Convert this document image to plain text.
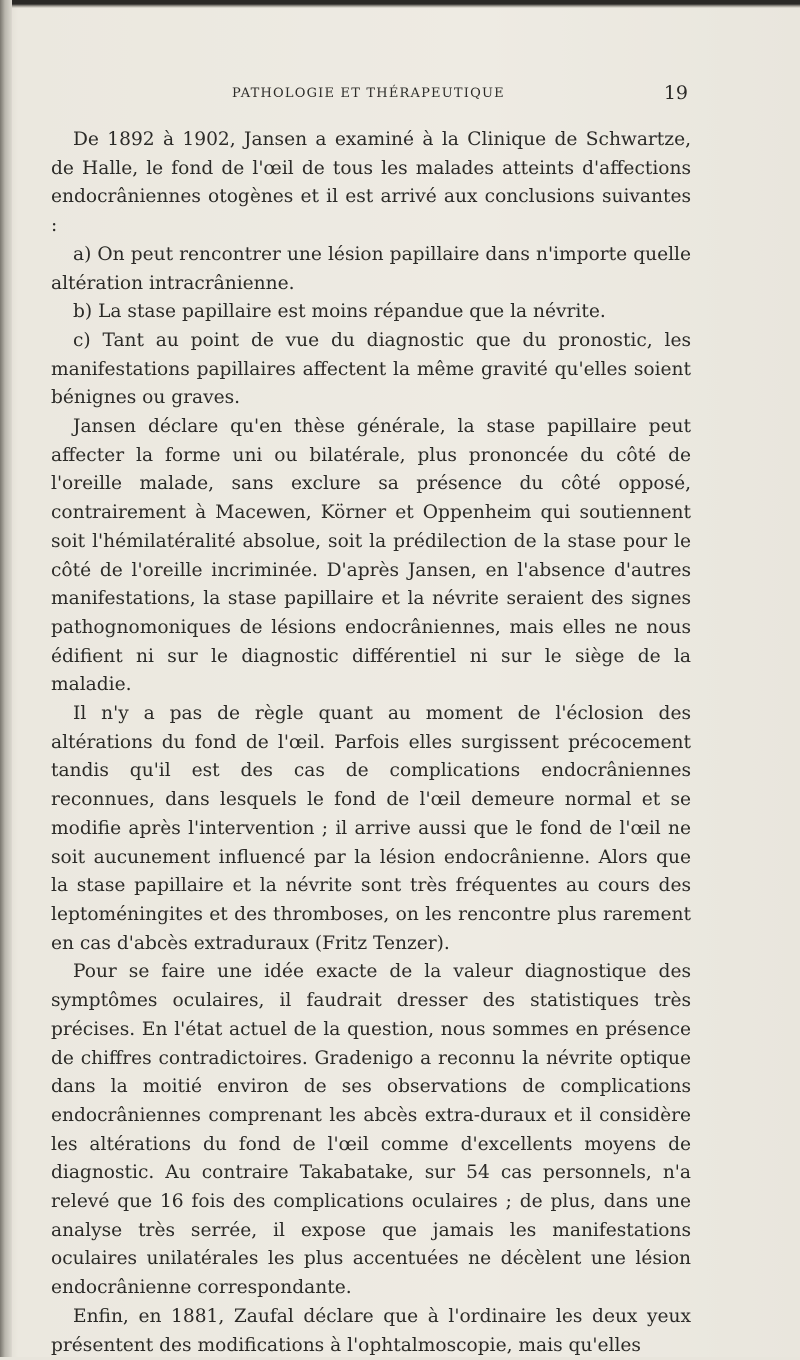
PATHOLOGIE ET THÉRAPEUTIQUE	19

De 1892 à 1902, Jansen a examiné à la Clinique de Schwartze, de Halle, le fond de l'œil de tous les malades atteints d'affections endocrâniennes otogènes et il est arrivé aux conclusions suivantes :

a) On peut rencontrer une lésion papillaire dans n'importe quelle altération intracrânienne.

b) La stase papillaire est moins répandue que la névrite.

c) Tant au point de vue du diagnostic que du pronostic, les manifestations papillaires affectent la même gravité qu'elles soient bénignes ou graves.

Jansen déclare qu'en thèse générale, la stase papillaire peut affecter la forme uni ou bilatérale, plus prononcée du côté de l'oreille malade, sans exclure sa présence du côté opposé, contrairement à Macewen, Körner et Oppenheim qui soutiennent soit l'hémilatéralité absolue, soit la prédilection de la stase pour le côté de l'oreille incriminée. D'après Jansen, en l'absence d'autres manifestations, la stase papillaire et la névrite seraient des signes pathognomoniques de lésions endocrâniennes, mais elles ne nous édifient ni sur le diagnostic différentiel ni sur le siège de la maladie.

Il n'y a pas de règle quant au moment de l'éclosion des altérations du fond de l'œil. Parfois elles surgissent précocement tandis qu'il est des cas de complications endocrâniennes reconnues, dans lesquels le fond de l'œil demeure normal et se modifie après l'intervention ; il arrive aussi que le fond de l'œil ne soit aucunement influencé par la lésion endocrânienne. Alors que la stase papillaire et la névrite sont très fréquentes au cours des leptoméningites et des thromboses, on les rencontre plus rarement en cas d'abcès extraduraux (Fritz Tenzer).

Pour se faire une idée exacte de la valeur diagnostique des symptômes oculaires, il faudrait dresser des statistiques très précises. En l'état actuel de la question, nous sommes en présence de chiffres contradictoires. Gradenigo a reconnu la névrite optique dans la moitié environ de ses observations de complications endocrâniennes comprenant les abcès extra-duraux et il considère les altérations du fond de l'œil comme d'excellents moyens de diagnostic. Au contraire Takabatake, sur 54 cas personnels, n'a relevé que 16 fois des complications oculaires ; de plus, dans une analyse très serrée, il expose que jamais les manifestations oculaires unilatérales les plus accentuées ne décèlent une lésion endocrânienne correspondante.

Enfin, en 1881, Zaufal déclare que à l'ordinaire les deux yeux présentent des modifications à l'ophtalmoscopie, mais qu'elles
